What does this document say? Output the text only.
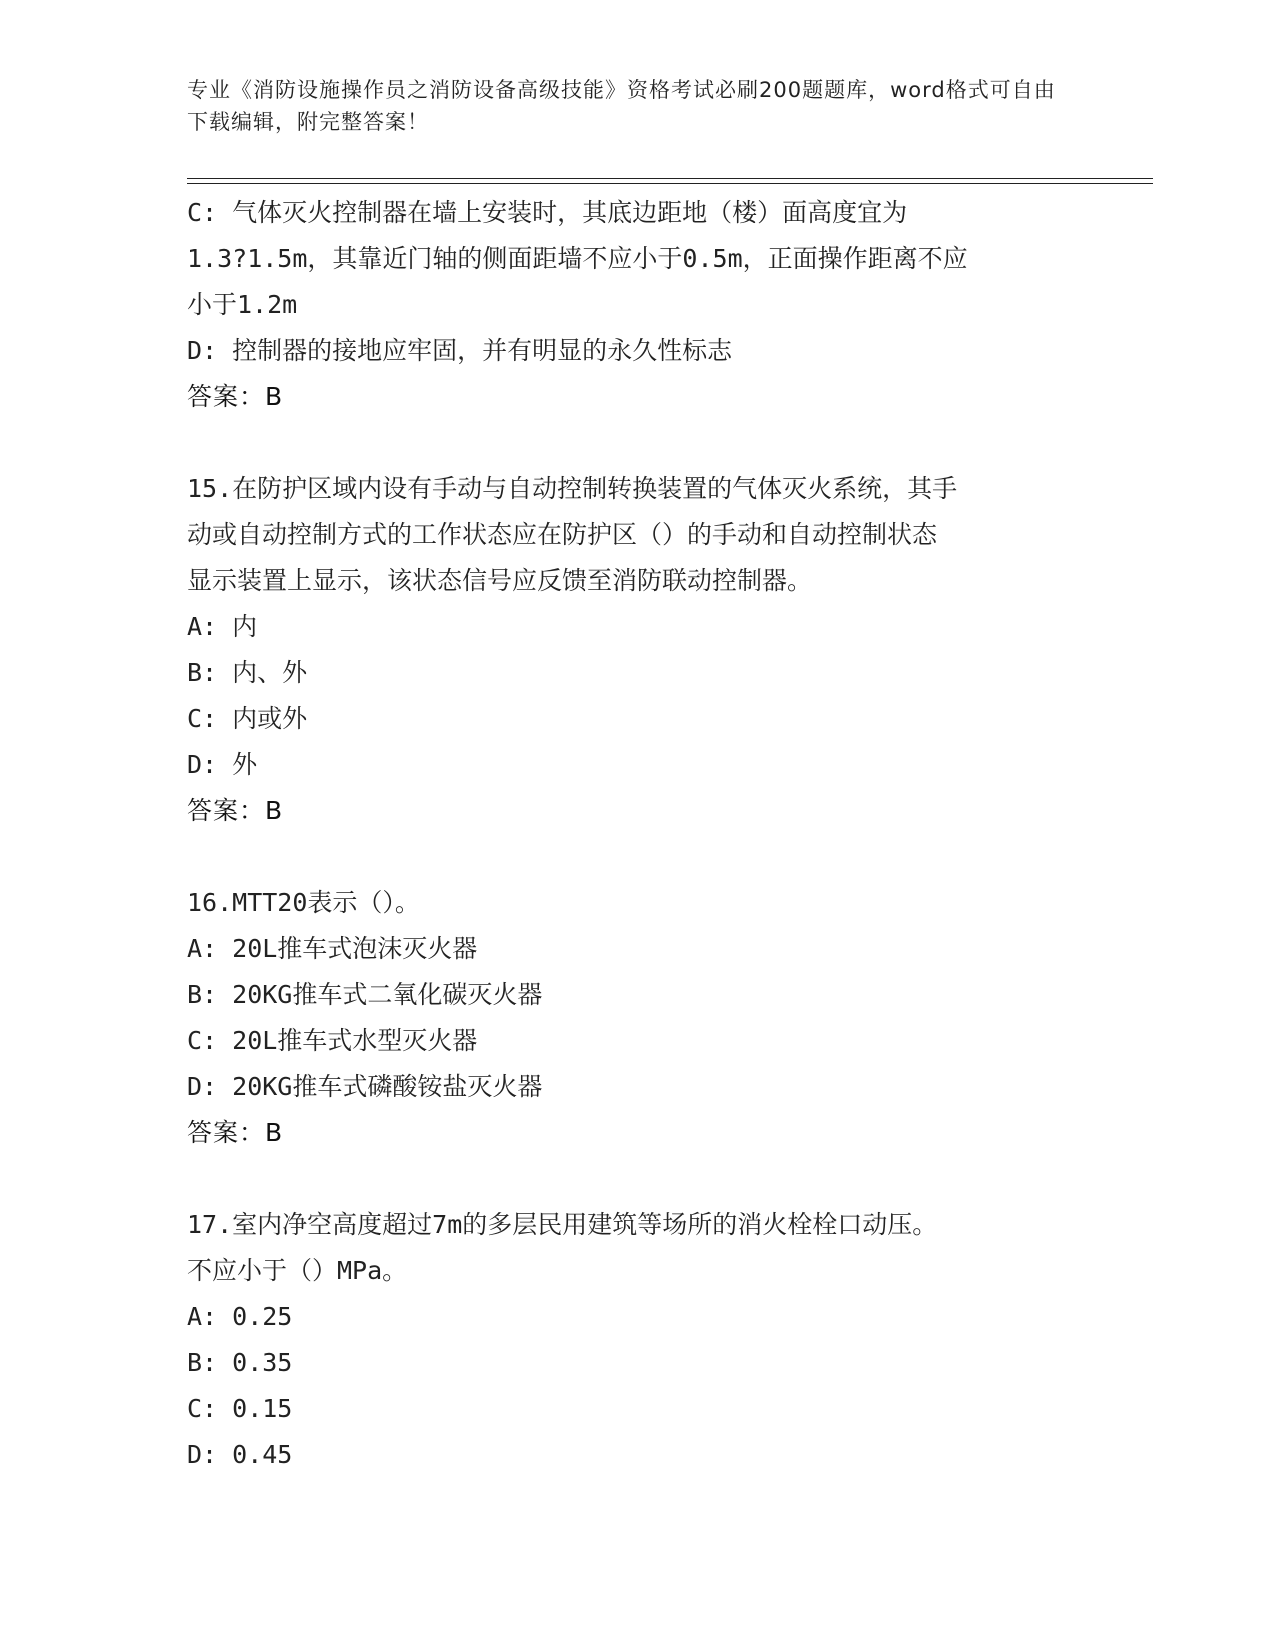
专业《消防设施操作员之消防设备高级技能》资格考试必刷200题题库，word格式可自由下载编辑，附完整答案！
C: 气体灭火控制器在墙上安装时，其底边距地（楼）面高度宜为
1.3?1.5m，其靠近门轴的侧面距墙不应小于0.5m，正面操作距离不应
小于1.2m
D: 控制器的接地应牢固，并有明显的永久性标志
答案：B
15.在防护区域内设有手动与自动控制转换装置的气体灭火系统，其手
动或自动控制方式的工作状态应在防护区（）的手动和自动控制状态
显示装置上显示，该状态信号应反馈至消防联动控制器。
A: 内
B: 内、外
C: 内或外
D: 外
答案：B
16.MTT20表示（）。
A: 20L推车式泡沫灭火器
B: 20KG推车式二氧化碳灭火器
C: 20L推车式水型灭火器
D: 20KG推车式磷酸铵盐灭火器
答案：B
17.室内净空高度超过7m的多层民用建筑等场所的消火栓栓口动压。
不应小于（）MPa。
A: 0.25
B: 0.35
C: 0.15
D: 0.45
